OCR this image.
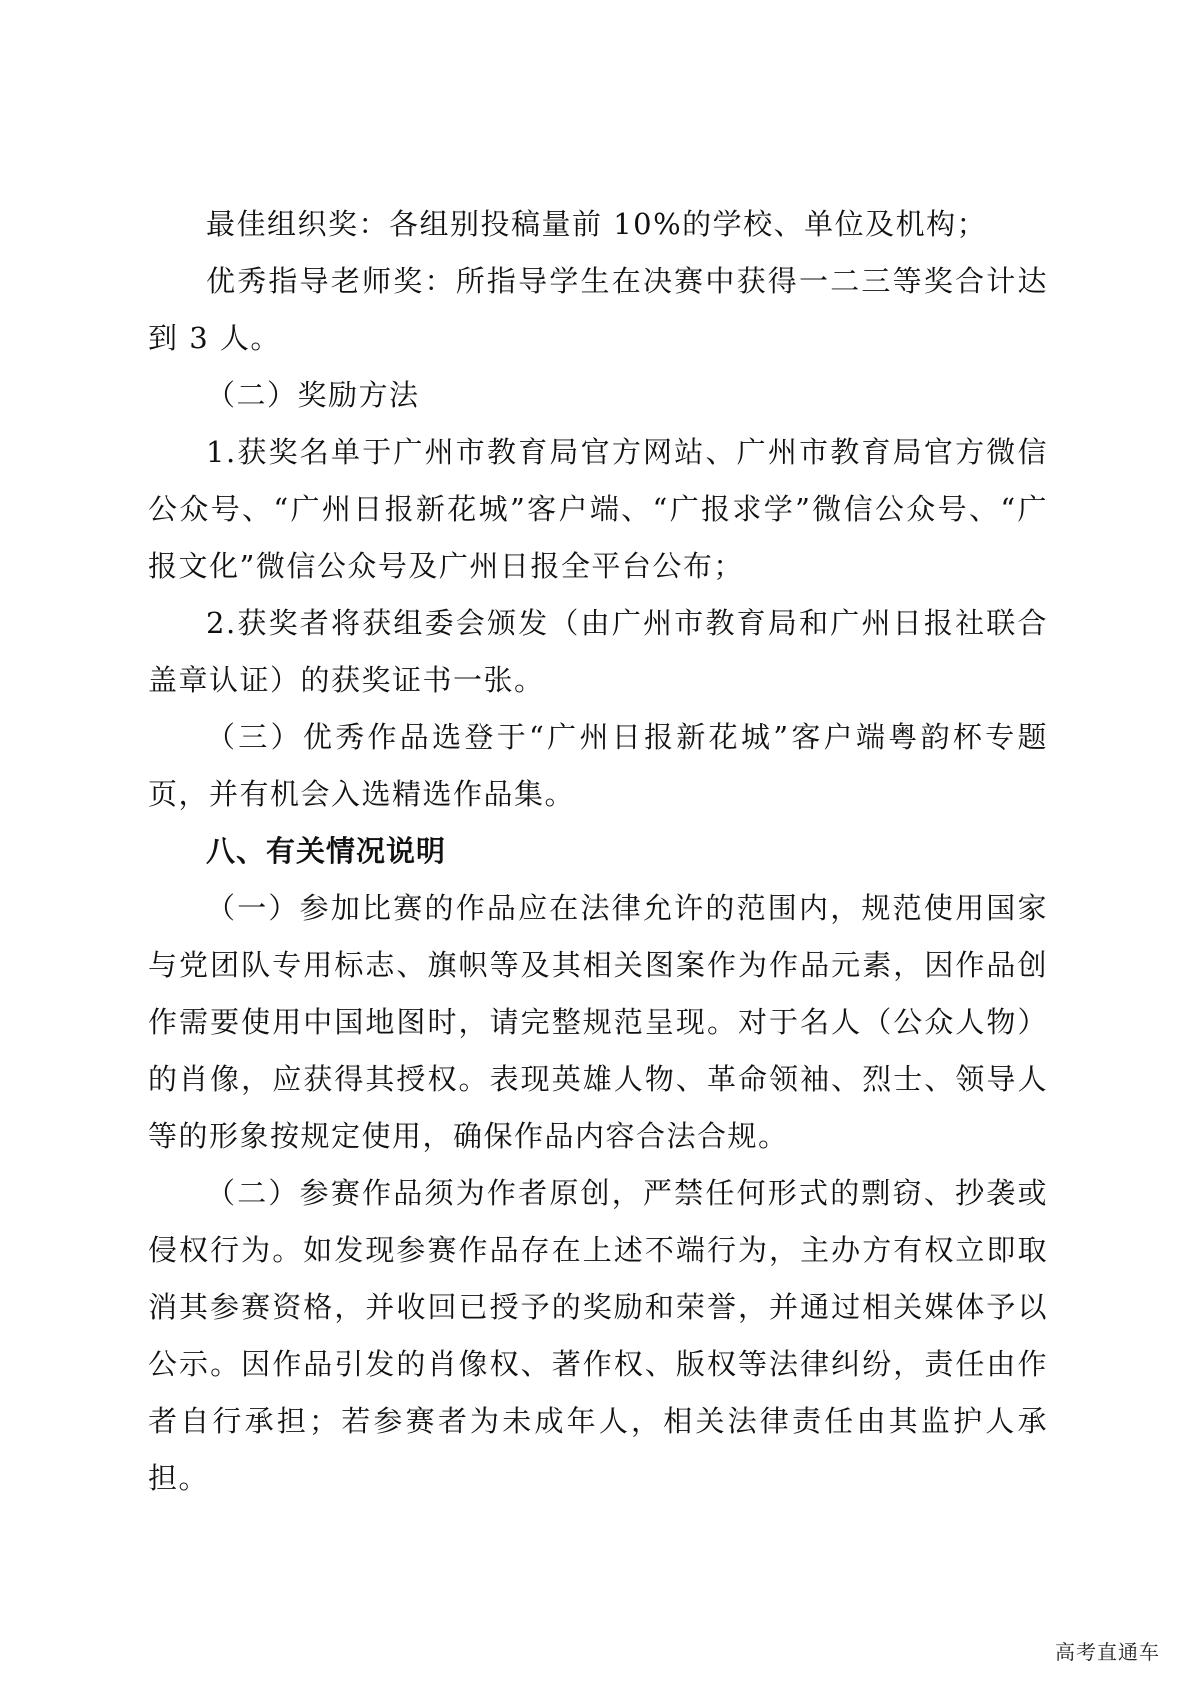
最佳组织奖：各组别投稿量前 10%的学校、单位及机构；

优秀指导老师奖：所指导学生在决赛中获得一二三等奖合计达到 3 人。

（二）奖励方法

1.获奖名单于广州市教育局官方网站、广州市教育局官方微信公众号、“广州日报新花城”客户端、“广报求学”微信公众号、“广报文化”微信公众号及广州日报全平台公布；

2.获奖者将获组委会颁发（由广州市教育局和广州日报社联合盖章认证）的获奖证书一张。

（三）优秀作品选登于“广州日报新花城”客户端粤韵杯专题页，并有机会入选精选作品集。

八、有关情况说明

（一）参加比赛的作品应在法律允许的范围内，规范使用国家与党团队专用标志、旗帜等及其相关图案作为作品元素，因作品创作需要使用中国地图时，请完整规范呈现。对于名人（公众人物）的肖像，应获得其授权。表现英雄人物、革命领袖、烈士、领导人等的形象按规定使用，确保作品内容合法合规。

（二）参赛作品须为作者原创，严禁任何形式的剽窃、抄袭或侵权行为。如发现参赛作品存在上述不端行为，主办方有权立即取消其参赛资格，并收回已授予的奖励和荣誉，并通过相关媒体予以公示。因作品引发的肖像权、著作权、版权等法律纠纷，责任由作者自行承担；若参赛者为未成年人，相关法律责任由其监护人承担。

高考直通车
